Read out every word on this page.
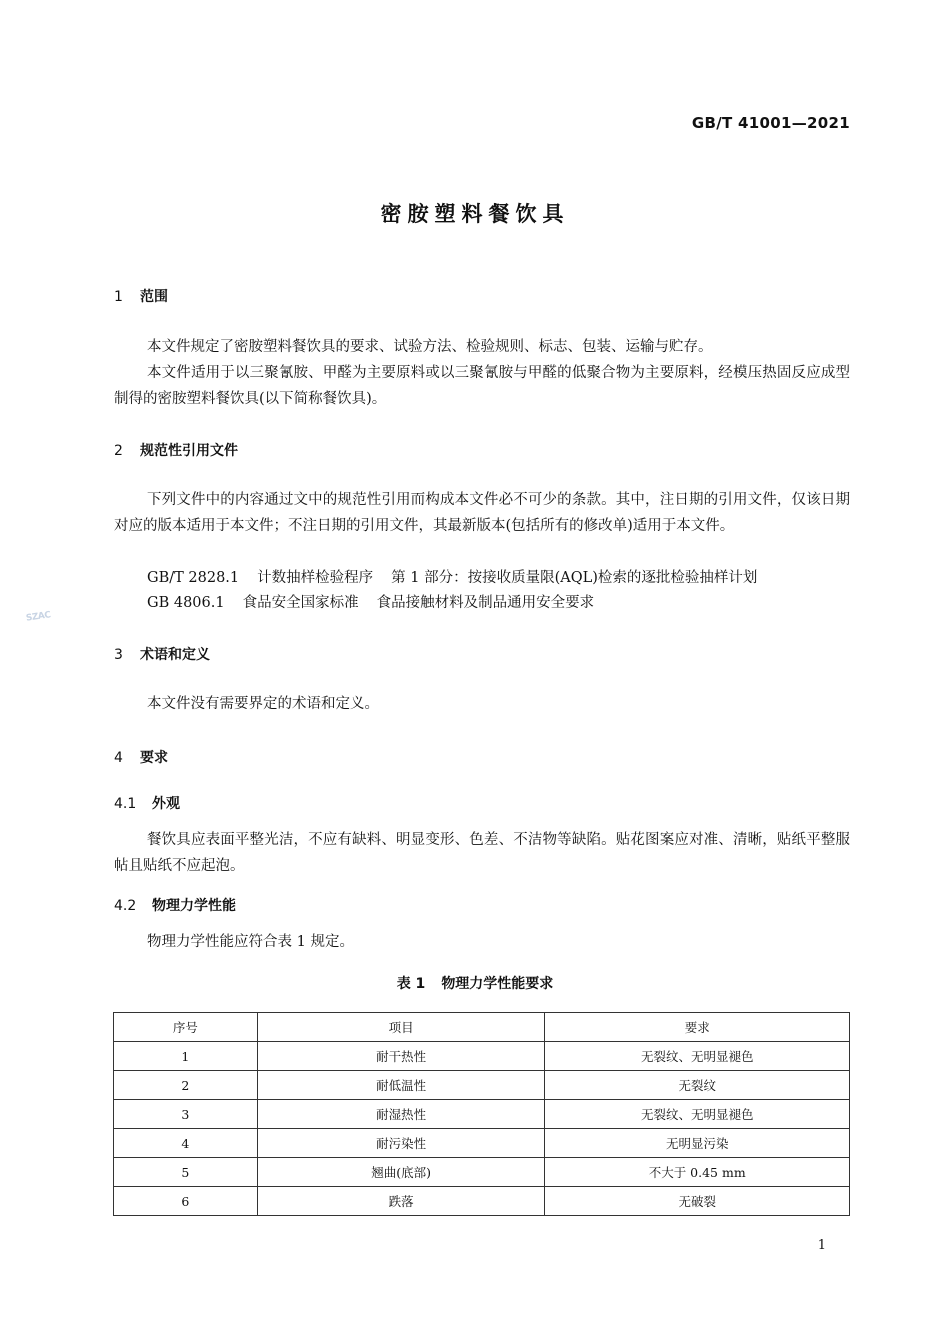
GB/T 41001—2021
密胺塑料餐饮具
1 范围
本文件规定了密胺塑料餐饮具的要求、试验方法、检验规则、标志、包装、运输与贮存。
本文件适用于以三聚氰胺、甲醛为主要原料或以三聚氰胺与甲醛的低聚合物为主要原料，经模压热固反应成型制得的密胺塑料餐饮具(以下简称餐饮具)。
2 规范性引用文件
下列文件中的内容通过文中的规范性引用而构成本文件必不可少的条款。其中，注日期的引用文件，仅该日期对应的版本适用于本文件；不注日期的引用文件，其最新版本(包括所有的修改单)适用于本文件。
GB/T 2828.1 计数抽样检验程序 第 1 部分：按接收质量限(AQL)检索的逐批检验抽样计划
GB 4806.1 食品安全国家标准 食品接触材料及制品通用安全要求
SZAC
3 术语和定义
本文件没有需要界定的术语和定义。
4 要求
4.1 外观
餐饮具应表面平整光洁，不应有缺料、明显变形、色差、不洁物等缺陷。贴花图案应对准、清晰，贴纸平整服帖且贴纸不应起泡。
4.2 物理力学性能
物理力学性能应符合表 1 规定。
表 1 物理力学性能要求
序号	项目	要求
1	耐干热性	无裂纹、无明显褪色
2	耐低温性	无裂纹
3	耐湿热性	无裂纹、无明显褪色
4	耐污染性	无明显污染
5	翘曲(底部)	不大于 0.45 mm
6	跌落	无破裂
1
